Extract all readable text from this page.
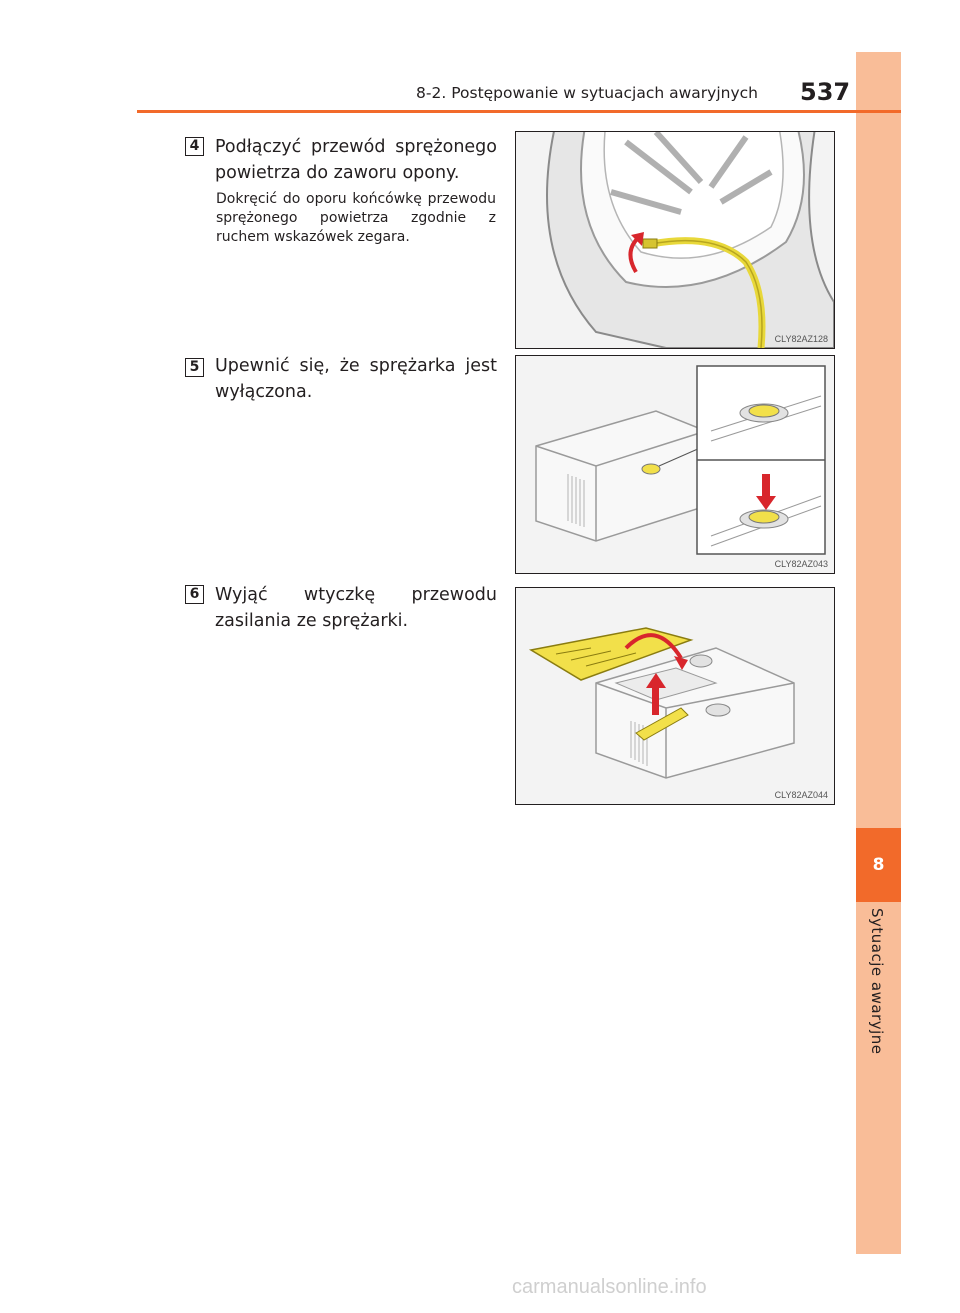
8
Sytuacje awaryjne
8-2. Postępowanie w sytuacjach awaryjnych 537
4 Podłączyć przewód sprężonego powietrza do zaworu opony.
Dokręcić do oporu końcówkę przewodu sprężonego powietrza zgodnie z ruchem wskazówek zegara.
CLY82AZ128
5 Upewnić się, że sprężarka jest wyłączona.
CLY82AZ043
6 Wyjąć wtyczkę przewodu zasilania ze sprężarki.
CLY82AZ044
carmanualsonline.info
